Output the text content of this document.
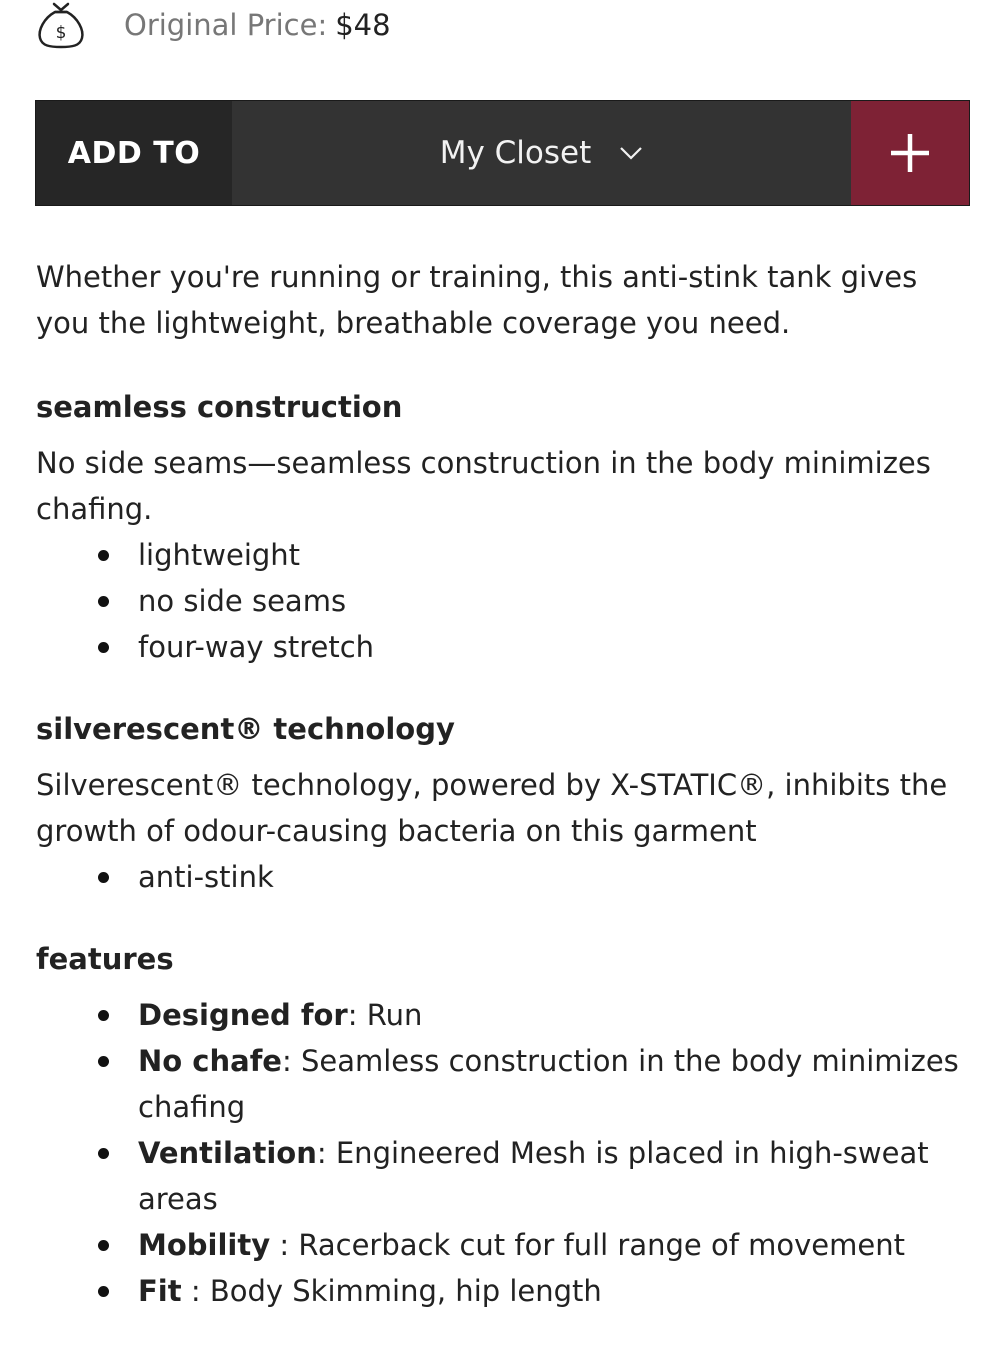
$ Original Price: $48
ADD TO	My Closet

Whether you're running or training, this anti-stink tank gives you the lightweight, breathable coverage you need.

seamless construction

No side seams—seamless construction in the body minimizes chafing.

lightweight
no side seams
four-way stretch
silverescent® technology

Silverescent® technology, powered by X-STATIC®, inhibits the growth of odour-causing bacteria on this garment

anti-stink
features
Designed for: Run
No chafe: Seamless construction in the body minimizes chafing
Ventilation: Engineered Mesh is placed in high-sweat areas
Mobility : Racerback cut for full range of movement
Fit : Body Skimming, hip length
